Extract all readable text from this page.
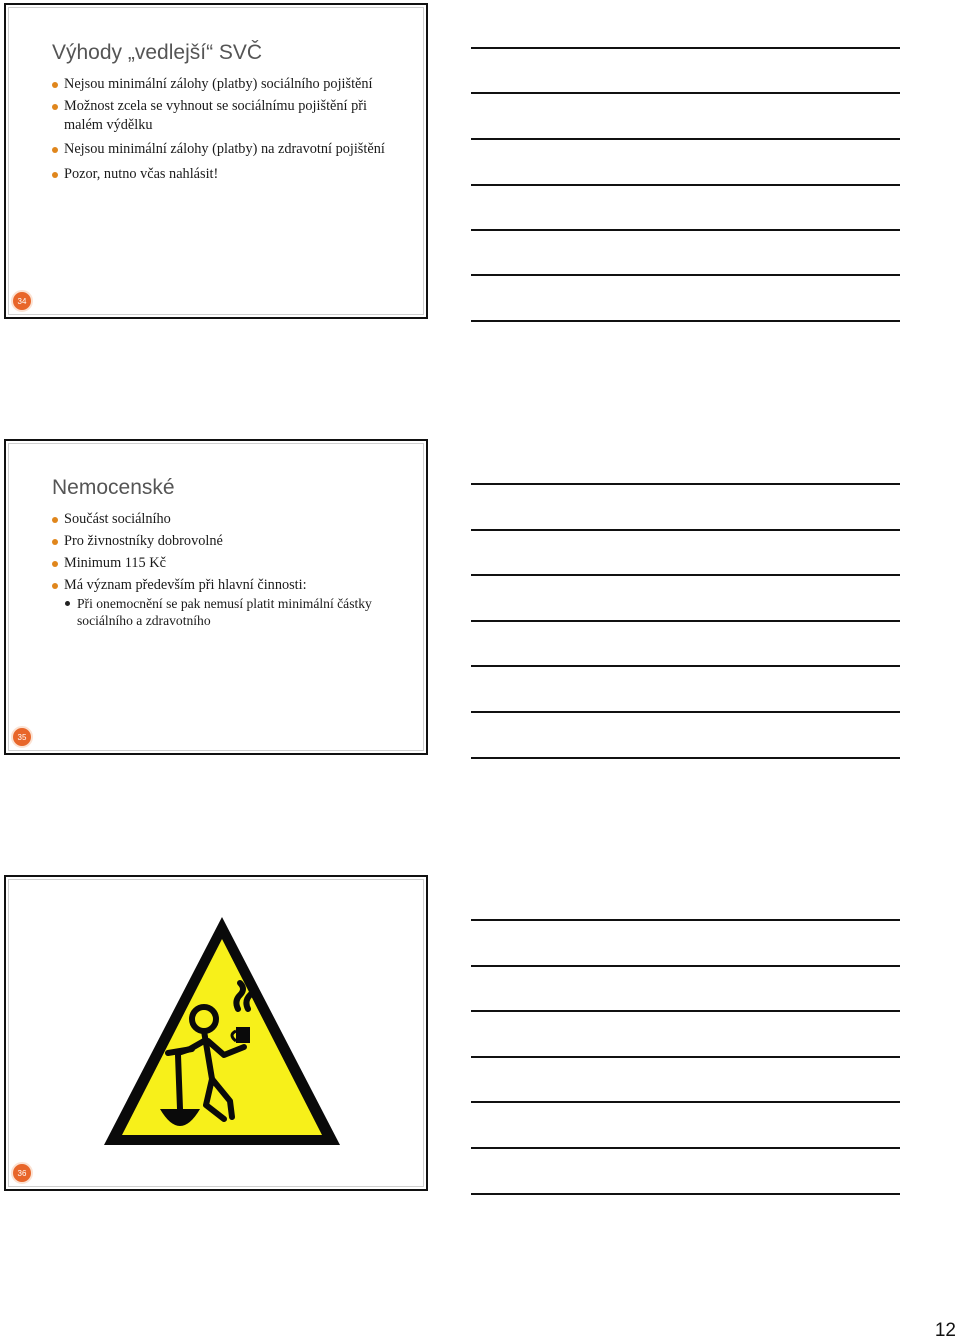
Výhody „vedlejší“ SVČ
Nejsou minimální zálohy (platby) sociálního pojištění
Možnost zcela se vyhnout se sociálnímu pojištění při malém výdělku
Nejsou minimální zálohy (platby) na zdravotní pojištění
Pozor, nutno včas nahlásit!
34
Nemocenské
Součást sociálního
Pro živnostníky dobrovolné
Minimum 115 Kč
Má význam především při hlavní činnosti:
Při onemocnění se pak nemusí platit minimální částky sociálního a zdravotního
35
36
12
